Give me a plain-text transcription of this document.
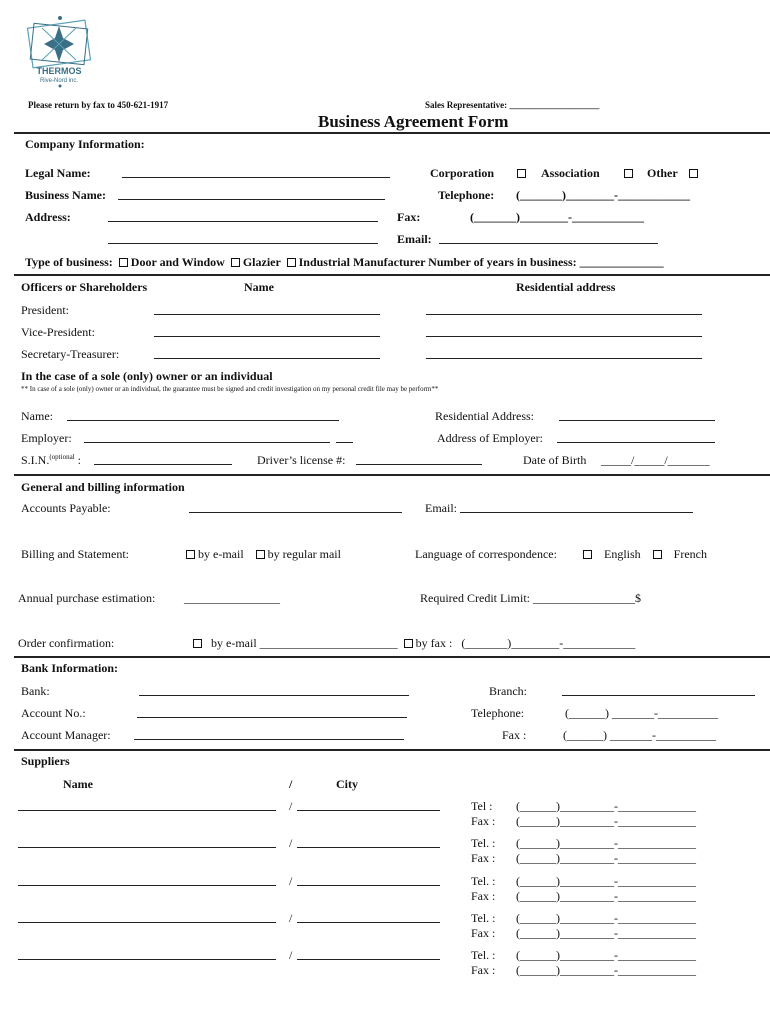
THERMOS
Rive-Nord inc.
Please return by fax to 450-621-1917	Sales Representative: ____________________
Business Agreement Form
Company Information:
Legal Name:	Corporation	Association	Other
Business Name:	Telephone: (_______)________-____________
Address:	Fax:	(_______)________-____________
Email:
Type of business: Door and Window Glazier Industrial Manufacturer Number of years in business: ______________
Officers or Shareholders	Name	Residential address
President:
Vice-President:
Secretary-Treasurer:
In the case of a sole (only) owner or an individual
** In case of a sole (only) owner or an individual, the guarantee must be signed and credit investigation on my personal credit file may be perform**
Name:	Residential Address:
Employer:	Address of Employer:
S.I.N.$^{(optional}$ :	Driver’s license #:	Date of Birth _____/_____/_______
General and billing information
Accounts Payable:	Email:
Billing and Statement:	by e-mail by regular mail	Language of correspondence:	English	French
Annual purchase estimation: ________________	Required Credit Limit: _________________$
Order confirmation:	by e-mail _______________________ by fax : (_______)________-____________
Bank Information:
Bank:	Branch:
Account No.:	Telephone:	(______) _______-__________
Account Manager:	Fax :	(______) _______-__________
Suppliers
Name	/	City
/	Tel : (______)_________-_____________
Fax : (______)_________-_____________
/	Tel. : (______)_________-_____________
Fax : (______)_________-_____________
/	Tel. : (______)_________-_____________
Fax : (______)_________-_____________
/	Tel. : (______)_________-_____________
Fax : (______)_________-_____________
/	Tel. : (______)_________-_____________
Fax : (______)_________-_____________
